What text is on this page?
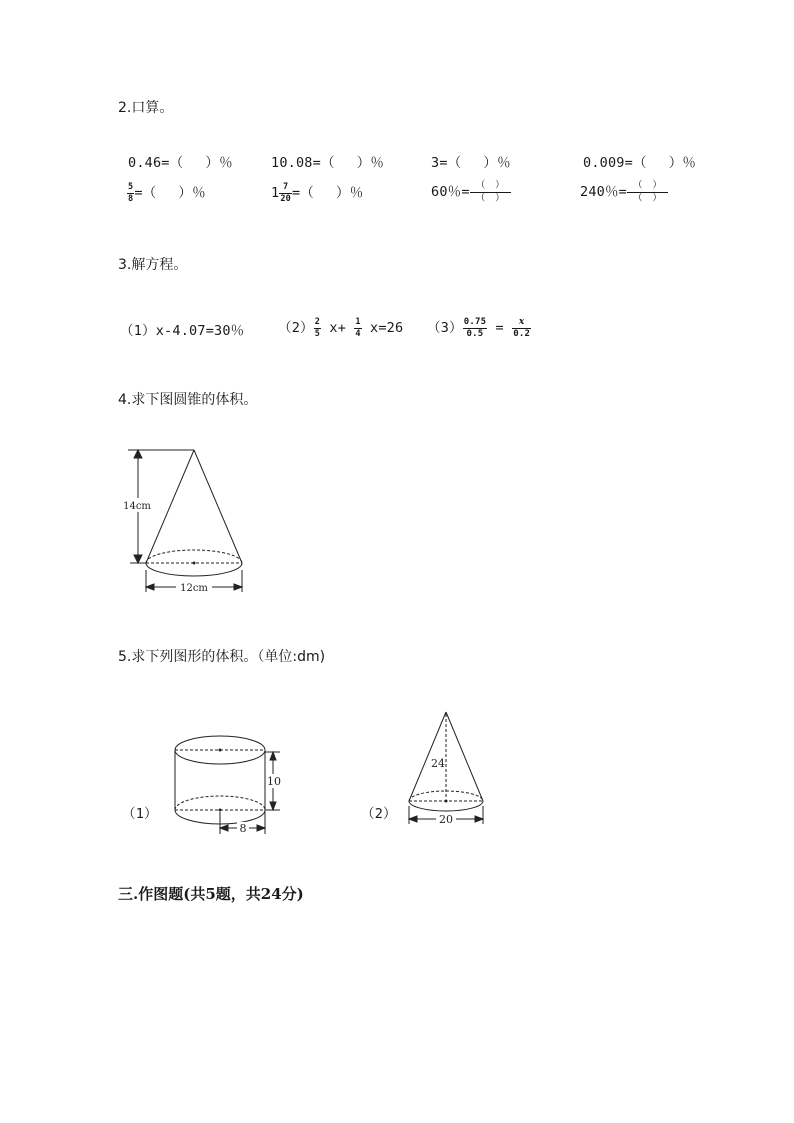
2.口算。
0.46=（　 ）％	10.08=（　 ）％	3=（　 ）％	0.009=（　 ）％
$\frac{5}{8}$ =（　 ）％	$1 \frac{7}{20}$ =（　 ）％	60％= $\frac{( )}{( )}$	240％= $\frac{( )}{( )}$
3.解方程。
（1）x-4.07=30％ $(2) \frac{2}{5} x+ \frac{1}{4} x=26$ $(3) \frac{0.75}{0.5} = \frac{x}{0.2}$
4.求下图圆锥的体积。
14cm
12cm
5.求下列图形的体积。（单位:dm)
（1）
10
8
（2）
24
20
三.作图题(共5题，共24分)
